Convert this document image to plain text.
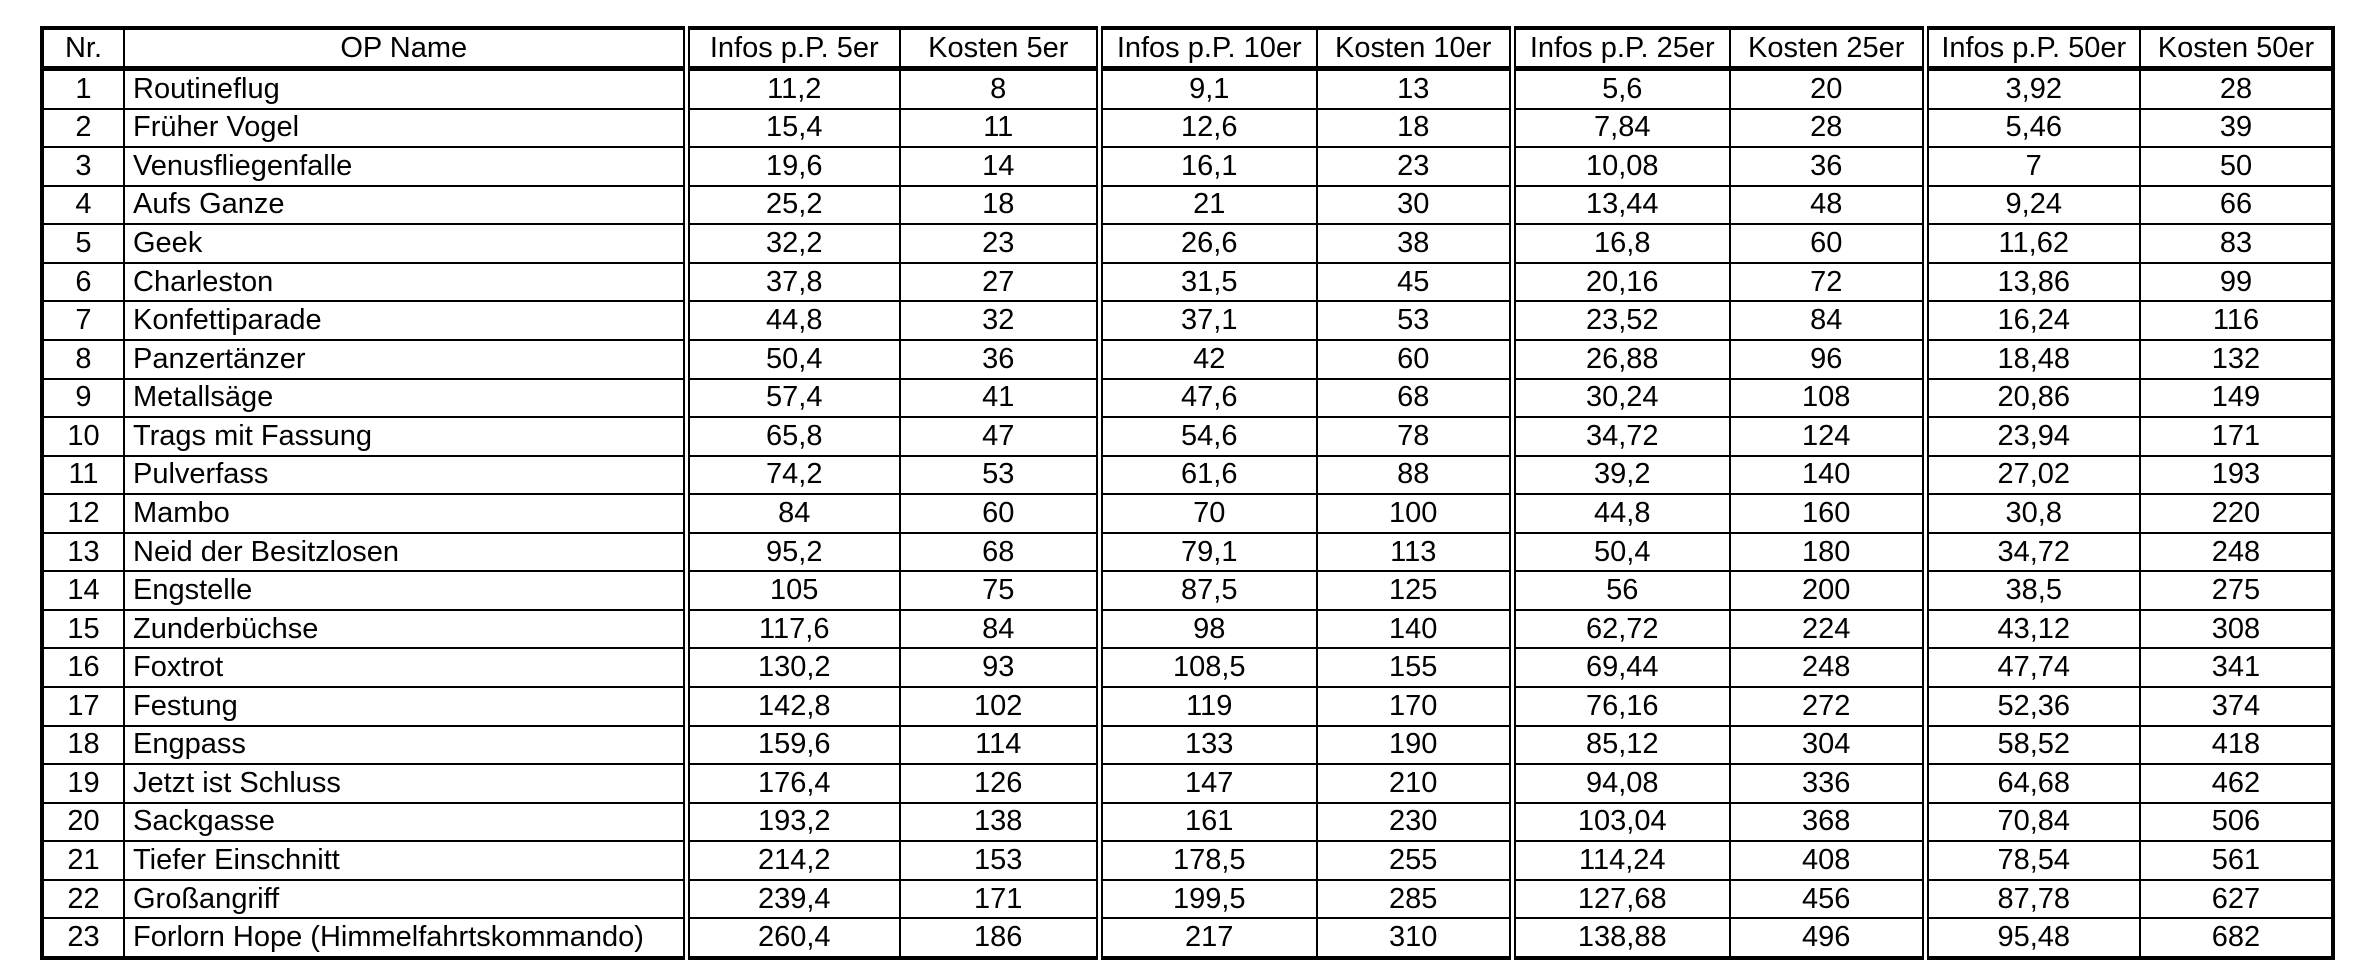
Nr.	OP Name	Infos p.P. 5er	Kosten 5er	Infos p.P. 10er	Kosten 10er	Infos p.P. 25er	Kosten 25er	Infos p.P. 50er	Kosten 50er
1	Routineflug	11,2	8	9,1	13	5,6	20	3,92	28
2	Früher Vogel	15,4	11	12,6	18	7,84	28	5,46	39
3	Venusfliegenfalle	19,6	14	16,1	23	10,08	36	7	50
4	Aufs Ganze	25,2	18	21	30	13,44	48	9,24	66
5	Geek	32,2	23	26,6	38	16,8	60	11,62	83
6	Charleston	37,8	27	31,5	45	20,16	72	13,86	99
7	Konfettiparade	44,8	32	37,1	53	23,52	84	16,24	116
8	Panzertänzer	50,4	36	42	60	26,88	96	18,48	132
9	Metallsäge	57,4	41	47,6	68	30,24	108	20,86	149
10	Trags mit Fassung	65,8	47	54,6	78	34,72	124	23,94	171
11	Pulverfass	74,2	53	61,6	88	39,2	140	27,02	193
12	Mambo	84	60	70	100	44,8	160	30,8	220
13	Neid der Besitzlosen	95,2	68	79,1	113	50,4	180	34,72	248
14	Engstelle	105	75	87,5	125	56	200	38,5	275
15	Zunderbüchse	117,6	84	98	140	62,72	224	43,12	308
16	Foxtrot	130,2	93	108,5	155	69,44	248	47,74	341
17	Festung	142,8	102	119	170	76,16	272	52,36	374
18	Engpass	159,6	114	133	190	85,12	304	58,52	418
19	Jetzt ist Schluss	176,4	126	147	210	94,08	336	64,68	462
20	Sackgasse	193,2	138	161	230	103,04	368	70,84	506
21	Tiefer Einschnitt	214,2	153	178,5	255	114,24	408	78,54	561
22	Großangriff	239,4	171	199,5	285	127,68	456	87,78	627
23	Forlorn Hope (Himmelfahrtskommando)	260,4	186	217	310	138,88	496	95,48	682
